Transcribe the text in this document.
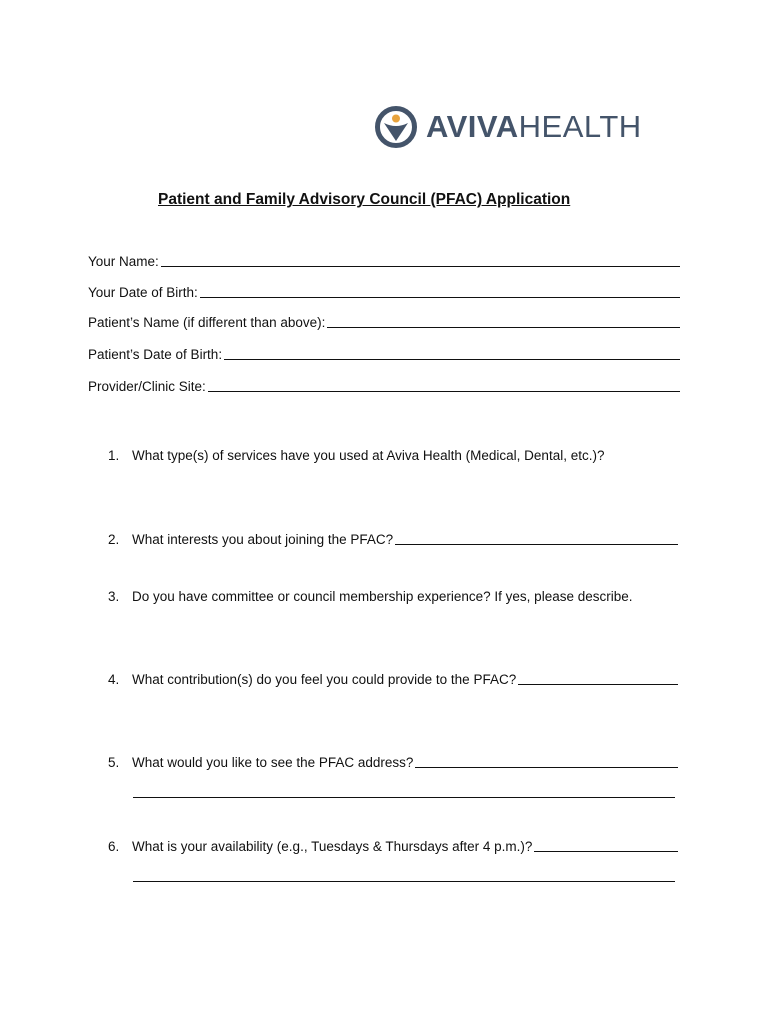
AVIVAHEALTH
Patient and Family Advisory Council (PFAC) Application
Your Name:
Your Date of Birth:
Patient’s Name (if different than above):
Patient’s Date of Birth:
Provider/Clinic Site:
1. What type(s) of services have you used at Aviva Health (Medical, Dental, etc.)?
2. What interests you about joining the PFAC?
3. Do you have committee or council membership experience? If yes, please describe.
4. What contribution(s) do you feel you could provide to the PFAC?
5. What would you like to see the PFAC address?
6. What is your availability (e.g., Tuesdays & Thursdays after 4 p.m.)?
